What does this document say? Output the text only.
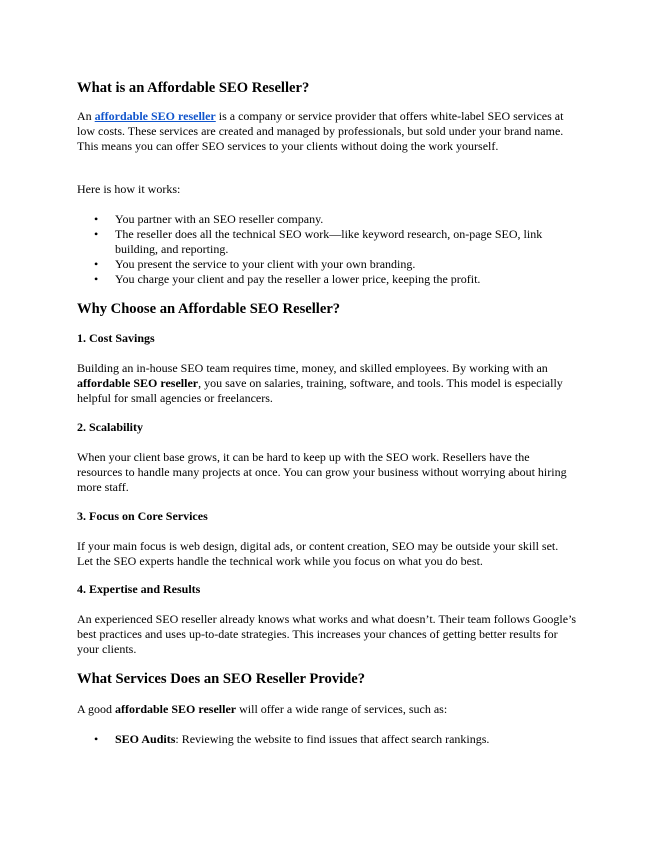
What is an Affordable SEO Reseller?

An affordable SEO reseller is a company or service provider that offers white-label SEO services at low costs. These services are created and managed by professionals, but sold under your brand name. This means you can offer SEO services to your clients without doing the work yourself.

Here is how it works:

• You partner with an SEO reseller company.
• The reseller does all the technical SEO work—like keyword research, on-page SEO, link building, and reporting.
• You present the service to your client with your own branding.
• You charge your client and pay the reseller a lower price, keeping the profit.
Why Choose an Affordable SEO Reseller?
1. Cost Savings

Building an in-house SEO team requires time, money, and skilled employees. By working with an affordable SEO reseller, you save on salaries, training, software, and tools. This model is especially helpful for small agencies or freelancers.

2. Scalability

When your client base grows, it can be hard to keep up with the SEO work. Resellers have the resources to handle many projects at once. You can grow your business without worrying about hiring more staff.

3. Focus on Core Services

If your main focus is web design, digital ads, or content creation, SEO may be outside your skill set. Let the SEO experts handle the technical work while you focus on what you do best.

4. Expertise and Results

An experienced SEO reseller already knows what works and what doesn’t. Their team follows Google’s best practices and uses up-to-date strategies. This increases your chances of getting better results for your clients.

What Services Does an SEO Reseller Provide?

A good affordable SEO reseller will offer a wide range of services, such as:

• SEO Audits: Reviewing the website to find issues that affect search rankings.
